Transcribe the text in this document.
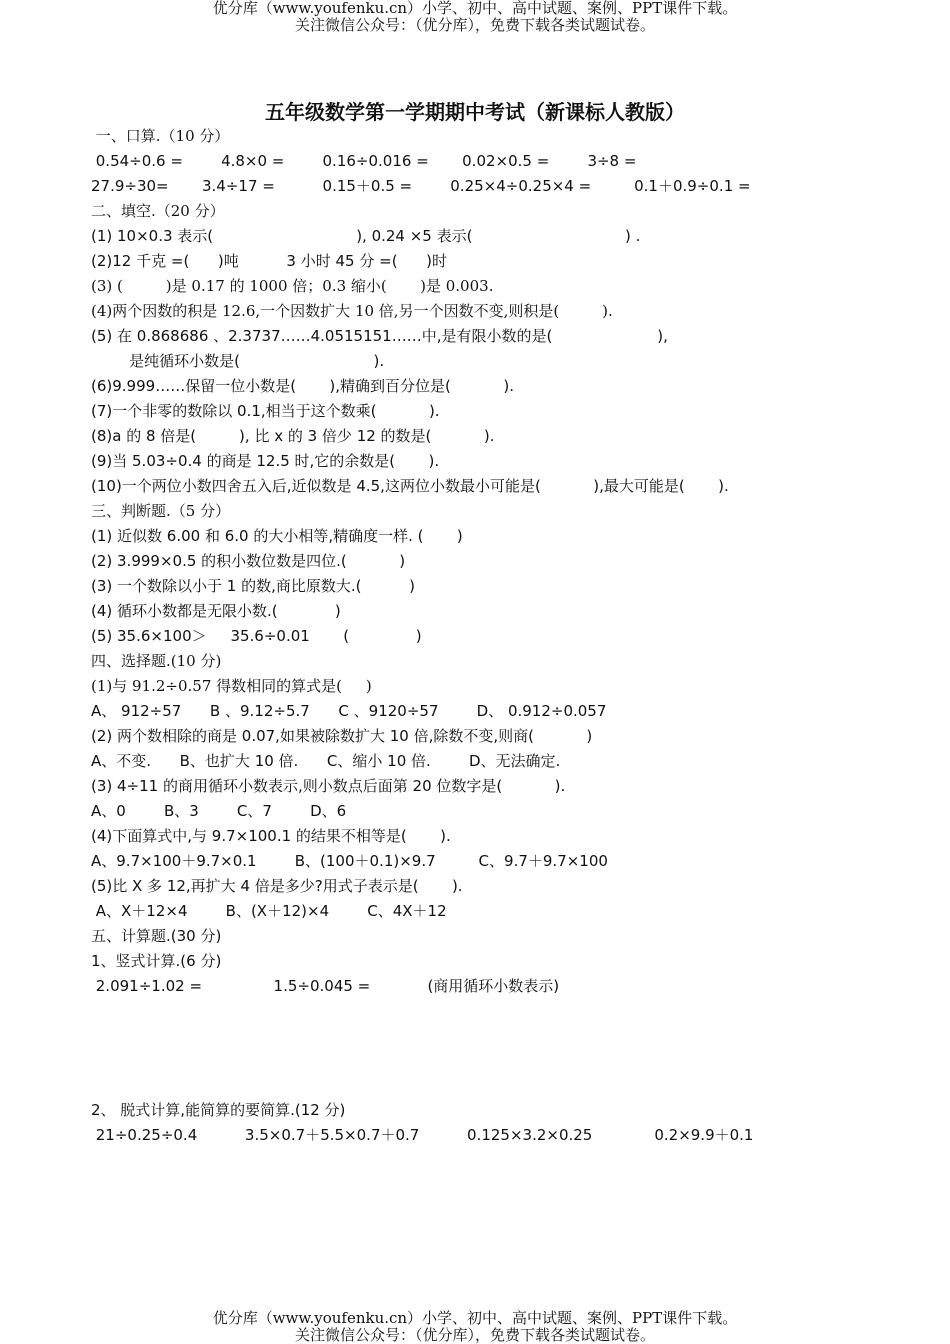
优分库（www.youfenku.cn）小学、初中、高中试题、案例、PPT课件下载。
关注微信公众号：（优分库），免费下载各类试题试卷。
五年级数学第一学期期中考试（新课标人教版）
一、口算.（10 分）
0.54÷0.6 =        4.8×0 =        0.16÷0.016 =       0.02×0.5 =        3÷8 =
27.9÷30=       3.4÷17 =          0.15＋0.5 =        0.25×4÷0.25×4 =         0.1＋0.9÷0.1 =
二、填空.（20 分）
(1) 10×0.3 表示(                              ), 0.24 ×5 表示(                                ) .
(2)12 千克 =(      )吨          3 小时 45 分 =(      )时
(3) (         )是 0.17 的 1000 倍；0.3 缩小(       )是 0.003.
(4)两个因数的积是 12.6,一个因数扩大 10 倍,另一个因数不变,则积是(         ).
(5) 在 0.868686 、2.3737……4.0515151……中,是有限小数的是(                      ),
是纯循环小数是(                            ).
(6)9.999……保留一位小数是(       ),精确到百分位是(           ).
(7)一个非零的数除以 0.1,相当于这个数乘(           ).
(8)a 的 8 倍是(         ), 比 x 的 3 倍少 12 的数是(           ).
(9)当 5.03÷0.4 的商是 12.5 时,它的余数是(       ).
(10)一个两位小数四舍五入后,近似数是 4.5,这两位小数最小可能是(           ),最大可能是(       ).
三、判断题.（5 分）
(1) 近似数 6.00 和 6.0 的大小相等,精确度一样. (       )
(2) 3.999×0.5 的积小数位数是四位.(           )
(3) 一个数除以小于 1 的数,商比原数大.(          )
(4) 循环小数都是无限小数.(            )
(5) 35.6×100＞     35.6÷0.01       (              )
四、选择题.(10 分)
(1)与 91.2÷0.57 得数相同的算式是(     )
A、 912÷57      B 、9.12÷5.7      C 、9120÷57        D、 0.912÷0.057
(2) 两个数相除的商是 0.07,如果被除数扩大 10 倍,除数不变,则商(           )
A、不变.      B、也扩大 10 倍.      C、缩小 10 倍.        D、无法确定.
(3) 4÷11 的商用循环小数表示,则小数点后面第 20 位数字是(           ).
A、0        B、3        C、7        D、6
(4)下面算式中,与 9.7×100.1 的结果不相等是(       ).
A、9.7×100＋9.7×0.1        B、(100＋0.1)×9.7         C、9.7＋9.7×100
(5)比 X 多 12,再扩大 4 倍是多少?用式子表示是(       ).
A、X＋12×4        B、(X＋12)×4        C、4X＋12
五、计算题.(30 分)
1、竖式计算.(6 分)
2.091÷1.02 =               1.5÷0.045 =            (商用循环小数表示)
2、 脱式计算,能简算的要简算.(12 分)
21÷0.25÷0.4          3.5×0.7＋5.5×0.7＋0.7          0.125×3.2×0.25             0.2×9.9＋0.1
优分库（www.youfenku.cn）小学、初中、高中试题、案例、PPT课件下载。
关注微信公众号：（优分库），免费下载各类试题试卷。
